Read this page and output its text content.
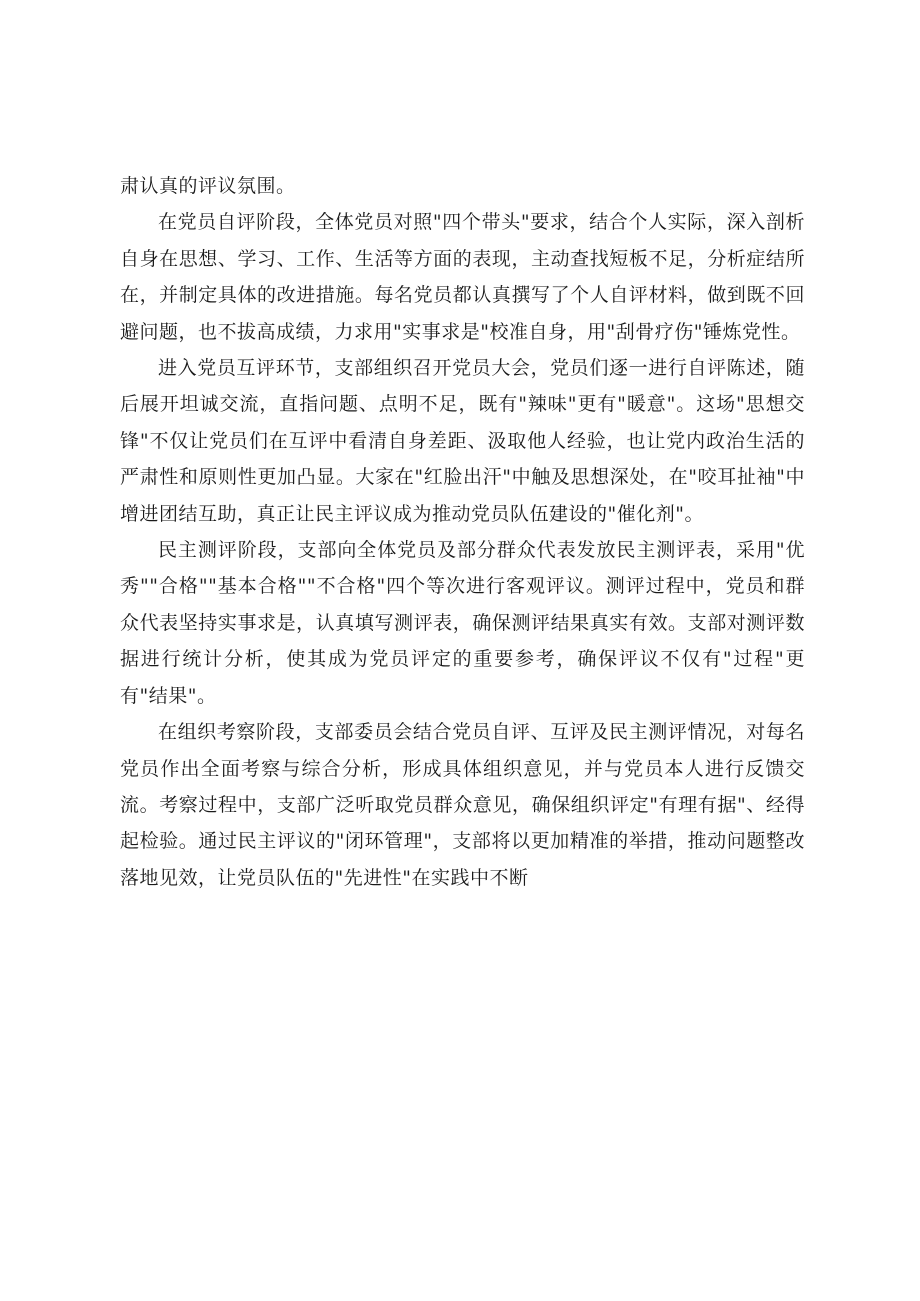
肃认真的评议氛围。

在党员自评阶段，全体党员对照"四个带头"要求，结合个人实际，深入剖析自身在思想、学习、工作、生活等方面的表现，主动查找短板不足，分析症结所在，并制定具体的改进措施。每名党员都认真撰写了个人自评材料，做到既不回避问题，也不拔高成绩，力求用"实事求是"校准自身，用"刮骨疗伤"锤炼党性。

进入党员互评环节，支部组织召开党员大会，党员们逐一进行自评陈述，随后展开坦诚交流，直指问题、点明不足，既有"辣味"更有"暖意"。这场"思想交锋"不仅让党员们在互评中看清自身差距、汲取他人经验，也让党内政治生活的严肃性和原则性更加凸显。大家在"红脸出汗"中触及思想深处，在"咬耳扯袖"中增进团结互助，真正让民主评议成为推动党员队伍建设的"催化剂"。

民主测评阶段，支部向全体党员及部分群众代表发放民主测评表，采用"优秀""合格""基本合格""不合格"四个等次进行客观评议。测评过程中，党员和群众代表坚持实事求是，认真填写测评表，确保测评结果真实有效。支部对测评数据进行统计分析，使其成为党员评定的重要参考，确保评议不仅有"过程"更有"结果"。

在组织考察阶段，支部委员会结合党员自评、互评及民主测评情况，对每名党员作出全面考察与综合分析，形成具体组织意见，并与党员本人进行反馈交流。考察过程中，支部广泛听取党员群众意见，确保组织评定"有理有据"、经得起检验。通过民主评议的"闭环管理"，支部将以更加精准的举措，推动问题整改落地见效，让党员队伍的"先进性"在实践中不断
